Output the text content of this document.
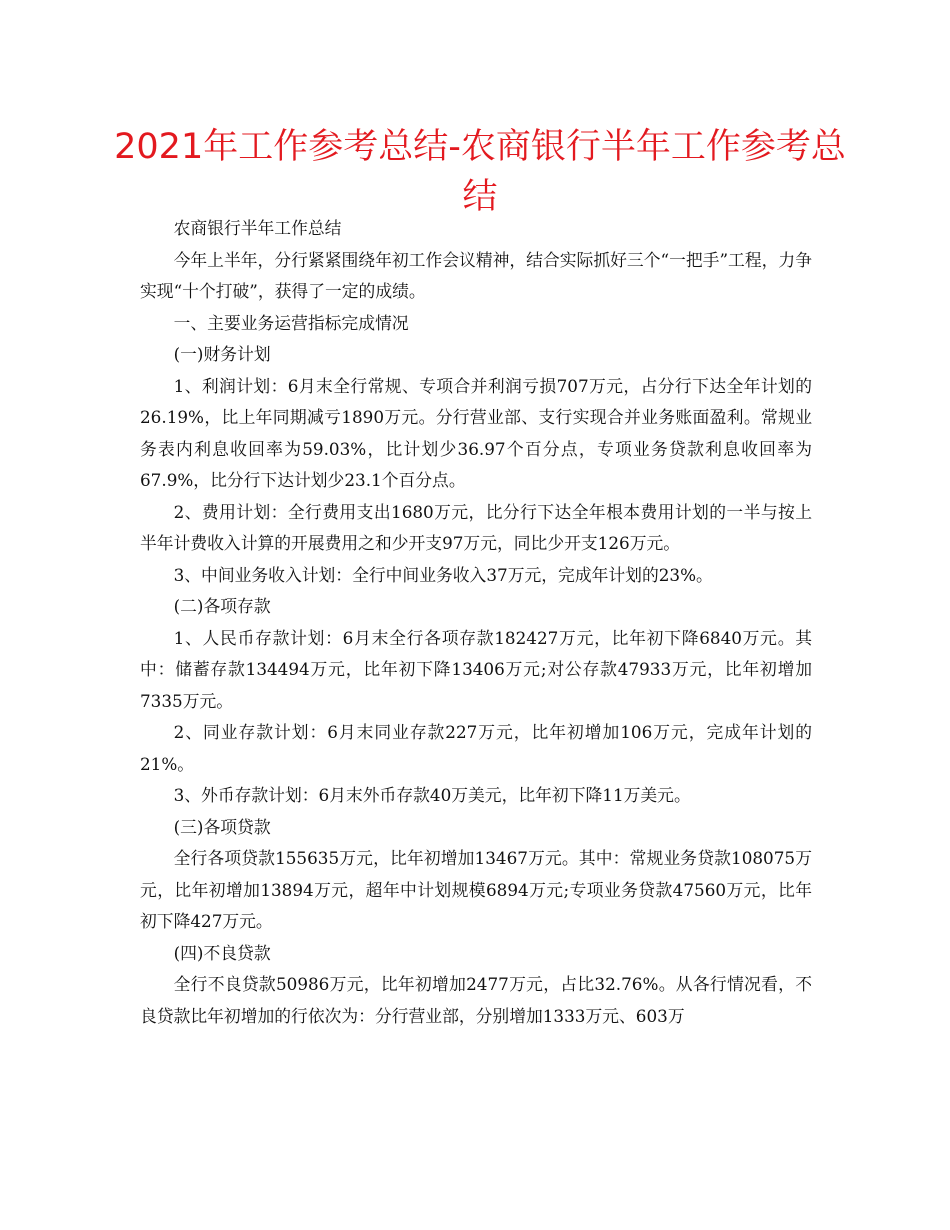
2021年工作参考总结-农商银行半年工作参考总结

农商银行半年工作总结

今年上半年，分行紧紧围绕年初工作会议精神，结合实际抓好三个“一把手”工程，力争实现“十个打破”，获得了一定的成绩。

一、主要业务运营指标完成情况

(一)财务计划

1、利润计划：6月末全行常规、专项合并利润亏损707万元，占分行下达全年计划的26.19%，比上年同期减亏1890万元。分行营业部、支行实现合并业务账面盈利。常规业务表内利息收回率为59.03%，比计划少36.97个百分点，专项业务贷款利息收回率为67.9%，比分行下达计划少23.1个百分点。

2、费用计划：全行费用支出1680万元，比分行下达全年根本费用计划的一半与按上半年计费收入计算的开展费用之和少开支97万元，同比少开支126万元。

3、中间业务收入计划：全行中间业务收入37万元，完成年计划的23%。

(二)各项存款

1、人民币存款计划：6月末全行各项存款182427万元，比年初下降6840万元。其中：储蓄存款134494万元，比年初下降13406万元;对公存款47933万元，比年初增加7335万元。

2、同业存款计划：6月末同业存款227万元，比年初增加106万元，完成年计划的21%。

3、外币存款计划：6月末外币存款40万美元，比年初下降11万美元。

(三)各项贷款

全行各项贷款155635万元，比年初增加13467万元。其中：常规业务贷款108075万元，比年初增加13894万元，超年中计划规模6894万元;专项业务贷款47560万元，比年初下降427万元。

(四)不良贷款

全行不良贷款50986万元，比年初增加2477万元，占比32.76%。从各行情况看，不良贷款比年初增加的行依次为：分行营业部，分别增加1333万元、603万
